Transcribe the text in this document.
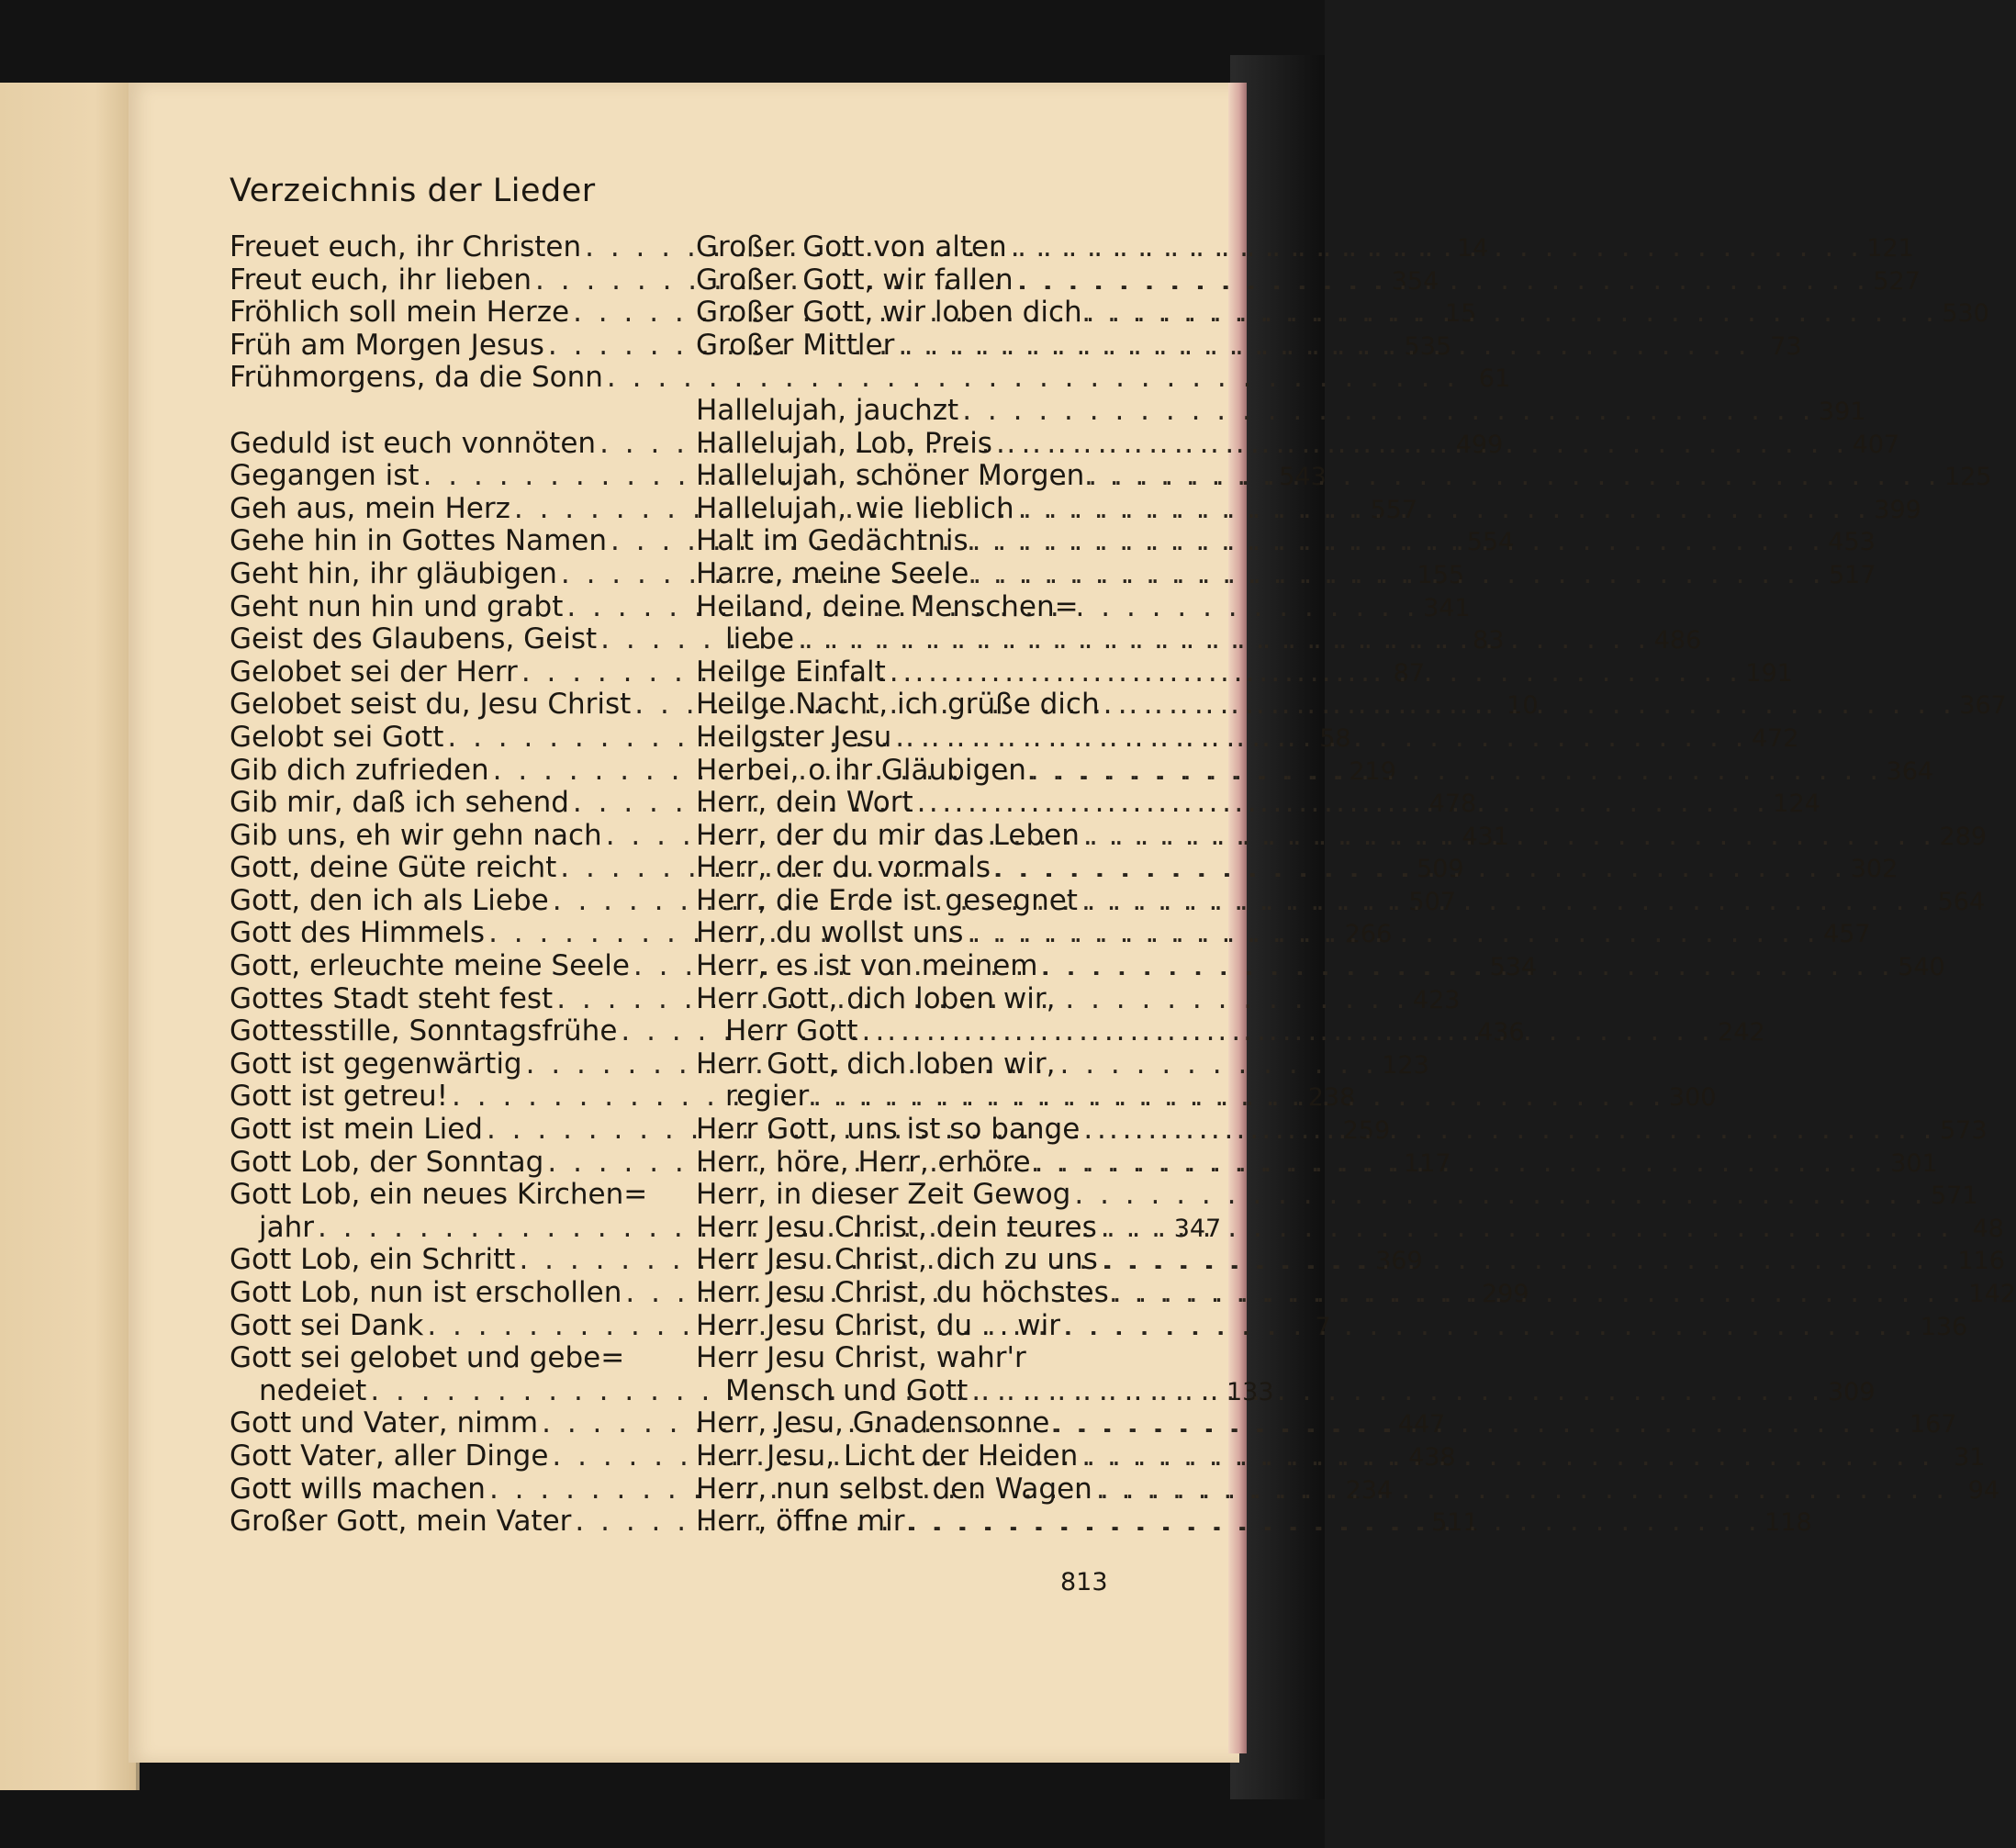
Verzeichnis der Lieder
Freuet euch, ihr Christen . . .	14
Freut euch, ihr lieben . . .	354
Fröhlich soll mein Herze . . .	15
Früh am Morgen Jesus . . .	535
Frühmorgens, da die Sonn . . .	61
Geduld ist euch vonnöten . . .	499
Gegangen ist . . .	543
Geh aus, mein Herz . . .	557
Gehe hin in Gottes Namen . . .	554
Geht hin, ihr gläubigen . . .	155
Geht nun hin und grabt . . .	341
Geist des Glaubens, Geist . . .	83
Gelobet sei der Herr . . .	87
Gelobet seist du, Jesu Christ . . .	10
Gelobt sei Gott . . .	58
Gib dich zufrieden . . .	219
Gib mir, daß ich sehend . . .	478
Gib uns, eh wir gehn nach . . .	431
Gott, deine Güte reicht . . .	509
Gott, den ich als Liebe . . .	507
Gott des Himmels . . .	266
Gott, erleuchte meine Seele . . .	534
Gottes Stadt steht fest . . .	423
Gottesstille, Sonntagsfrühe . . .	436
Gott ist gegenwärtig . . .	123
Gott ist getreu! . . .	238
Gott ist mein Lied . . .	259
Gott Lob, der Sonntag . . .	117
Gott Lob, ein neues Kirchen=
jahr . . .	347
Gott Lob, ein Schritt . . .	369
Gott Lob, nun ist erschollen . . .	299
Gott sei Dank . . .	7
Gott sei gelobet und gebe=
nedeiet . . .	133
Gott und Vater, nimm . . .	447
Gott Vater, aller Dinge . . .	438
Gott wills machen . . .	234
Großer Gott, mein Vater . . .	511
Großer Gott von alten . . .	121
Großer Gott, wir fallen . . .	527
Großer Gott, wir loben dich . . .	530
Großer Mittler . . .	73
Hallelujah, jauchzt . . .	391
Hallelujah, Lob, Preis . . .	407
Hallelujah, schöner Morgen . . .	125
Hallelujah, wie lieblich . . .	399
Halt im Gedächtnis . . .	453
Harre, meine Seele . . .	517
Heiland, deine Menschen=
liebe . . .	486
Heilge Einfalt . . .	191
Heilge Nacht, ich grüße dich . . .	367
Heilgster Jesu . . .	472
Herbei, o ihr Gläubigen . . .	364
Herr, dein Wort . . .	124
Herr, der du mir das Leben . . .	289
Herr, der du vormals . . .	302
Herr, die Erde ist gesegnet . . .	564
Herr, du wollst uns . . .	457
Herr, es ist von meinem . . .	540
Herr Gott, dich loben wir,
Herr Gott . . .	242
Herr Gott, dich loben wir,
regier . . .	300
Herr Gott, uns ist so bange . . .	573
Herr, höre, Herr, erhöre . . .	301
Herr, in dieser Zeit Gewog . . .	571
Herr Jesu Christ, dein teures . . .	48
Herr Jesu Christ, dich zu uns . . .	116
Herr Jesu Christ, du höchstes . . .	142
Herr Jesu Christ, du . . wir . . .	136
Herr Jesu Christ, wahr'r
Mensch und Gott . . .	309
Herr, Jesu, Gnadensonne . . .	167
Herr Jesu, Licht der Heiden . . .	31
Herr, nun selbst den Wagen . . .	94
Herr, öffne mir . . .	118
813
